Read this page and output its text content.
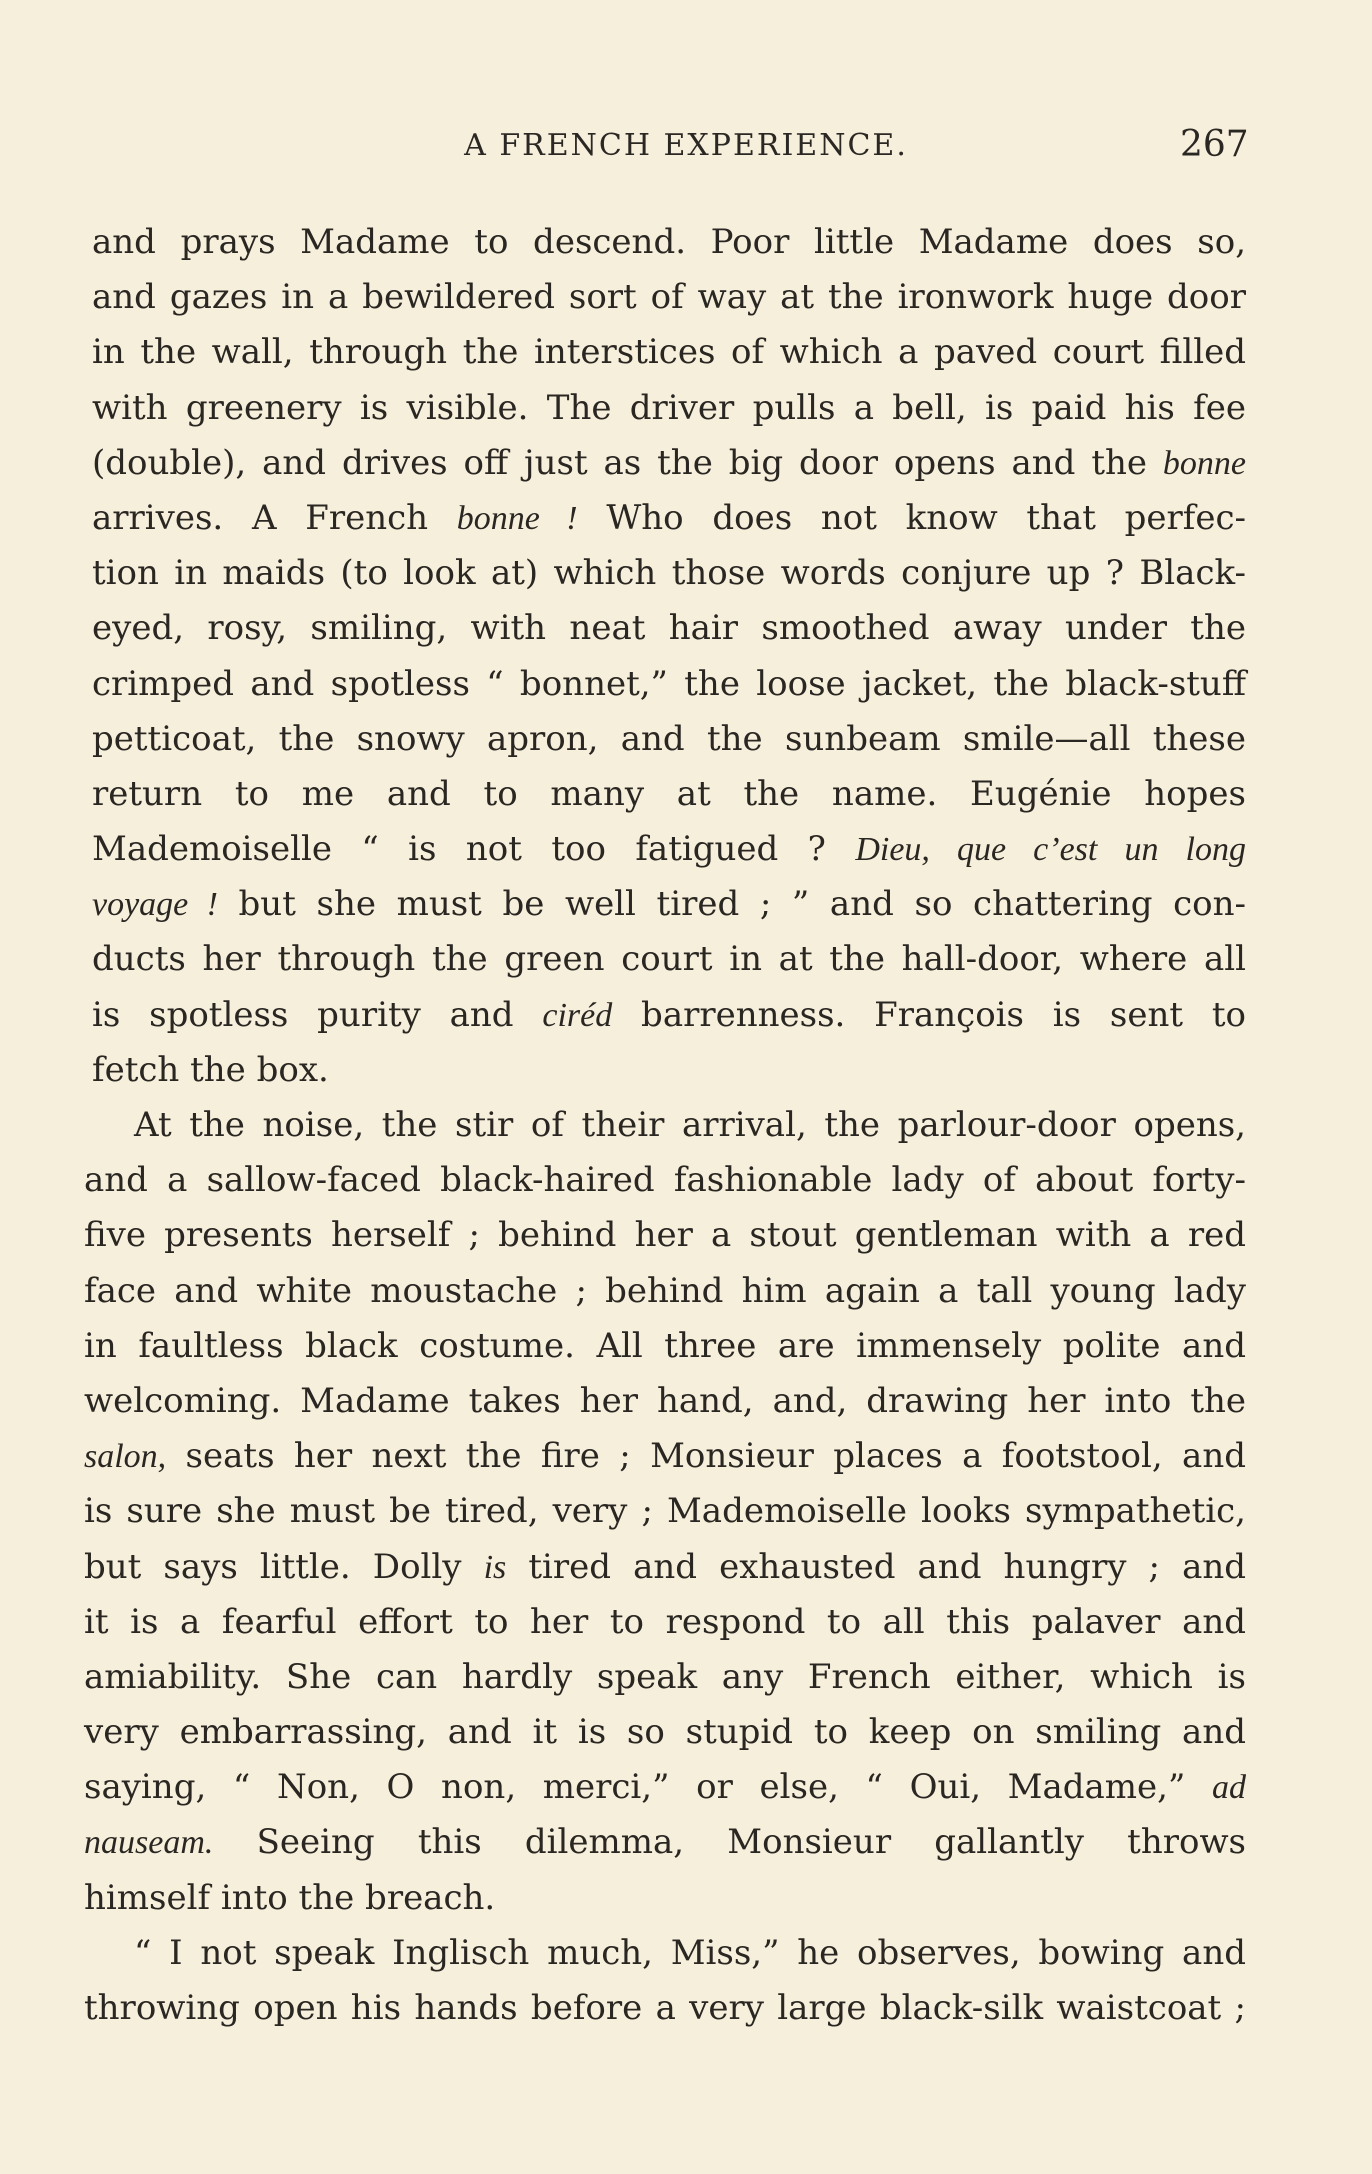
A FRENCH EXPERIENCE.	267
and prays Madame to descend. Poor little Madame does so,
and gazes in a bewildered sort of way at the ironwork huge door
in the wall, through the interstices of which a paved court filled
with greenery is visible. The driver pulls a bell, is paid his fee
(double), and drives off just as the big door opens and the bonne
arrives. A French bonne ! Who does not know that perfec-
tion in maids (to look at) which those words conjure up ? Black-
eyed, rosy, smiling, with neat hair smoothed away under the
crimped and spotless “ bonnet,” the loose jacket, the black-stuff
petticoat, the snowy apron, and the sunbeam smile—all these
return to me and to many at the name. Eugénie hopes
Mademoiselle “ is not too fatigued ? Dieu, que c’est un long
voyage ! but she must be well tired ; ” and so chattering con-
ducts her through the green court in at the hall-door, where all
is spotless purity and ciréd barrenness. François is sent to
fetch the box.
At the noise, the stir of their arrival, the parlour-door opens,
and a sallow-faced black-haired fashionable lady of about forty-
five presents herself ; behind her a stout gentleman with a red
face and white moustache ; behind him again a tall young lady
in faultless black costume. All three are immensely polite and
welcoming. Madame takes her hand, and, drawing her into the
salon, seats her next the fire ; Monsieur places a footstool, and
is sure she must be tired, very ; Mademoiselle looks sympathetic,
but says little. Dolly is tired and exhausted and hungry ; and
it is a fearful effort to her to respond to all this palaver and
amiability. She can hardly speak any French either, which is
very embarrassing, and it is so stupid to keep on smiling and
saying, “ Non, O non, merci,” or else, “ Oui, Madame,” ad
nauseam. Seeing this dilemma, Monsieur gallantly throws
himself into the breach.
“ I not speak Inglisch much, Miss,” he observes, bowing and
throwing open his hands before a very large black-silk waistcoat ;
